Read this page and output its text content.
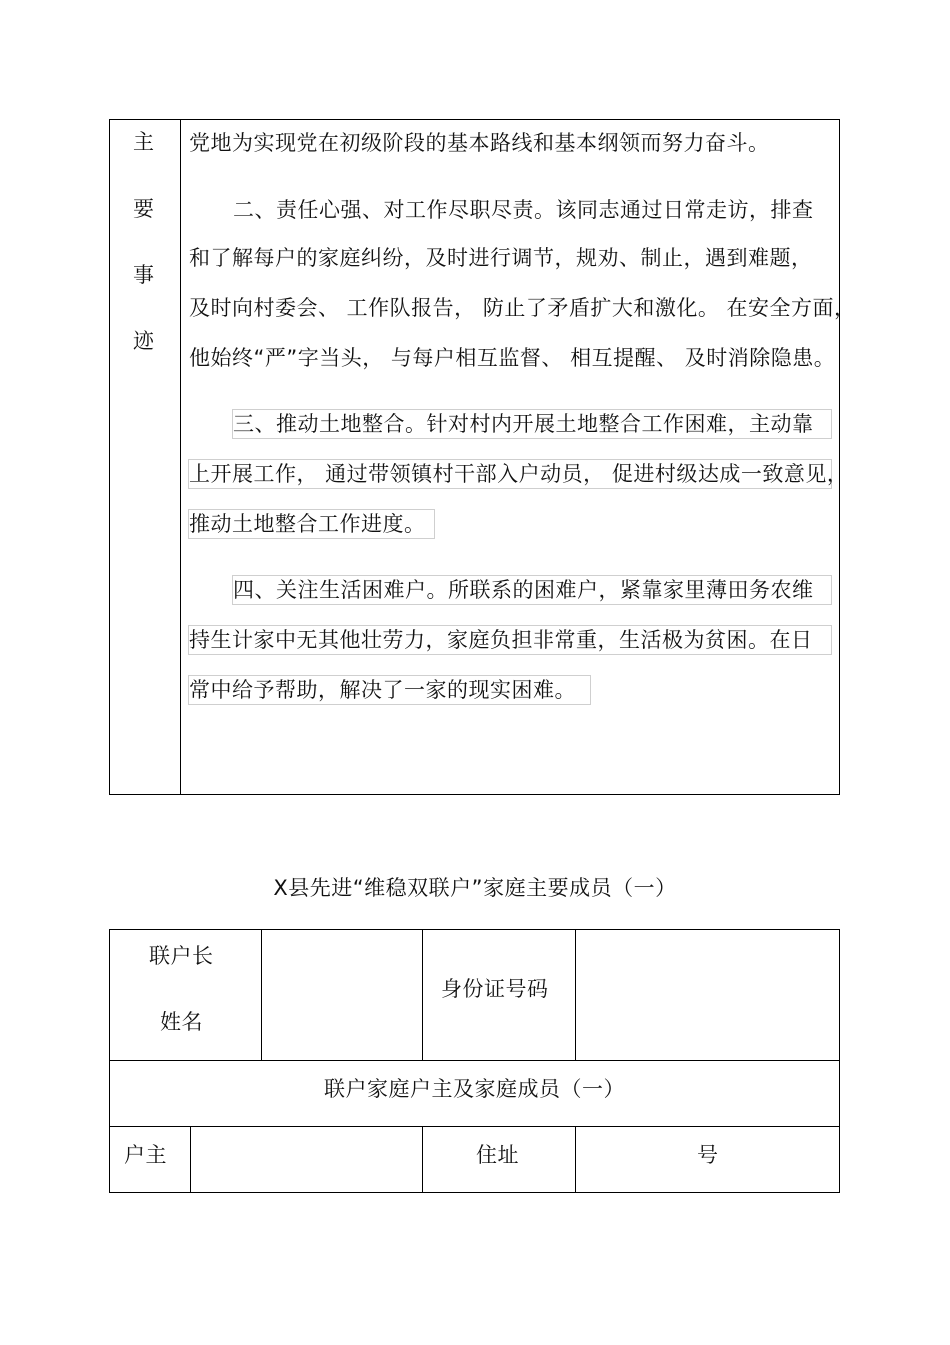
主
要
事
迹
党地为实现党在初级阶段的基本路线和基本纲领而努力奋斗。
二、责任心强、对工作尽职尽责。该同志通过日常走访，排查
和了解每户的家庭纠纷，及时进行调节，规劝、制止，遇到难题，
及时向村委会、 工作队报告， 防止了矛盾扩大和激化。 在安全方面，
他始终“严”字当头， 与每户相互监督、 相互提醒、 及时消除隐患。
三、推动土地整合。针对村内开展土地整合工作困难，主动靠
上开展工作， 通过带领镇村干部入户动员， 促进村级达成一致意见，
推动土地整合工作进度。
四、关注生活困难户。所联系的困难户，紧靠家里薄田务农维
持生计家中无其他壮劳力，家庭负担非常重，生活极为贫困。在日
常中给予帮助，解决了一家的现实困难。
X县先进“维稳双联户”家庭主要成员（一）
联户长
姓名
身份证号码
联户家庭户主及家庭成员（一）
户主	住址	号
